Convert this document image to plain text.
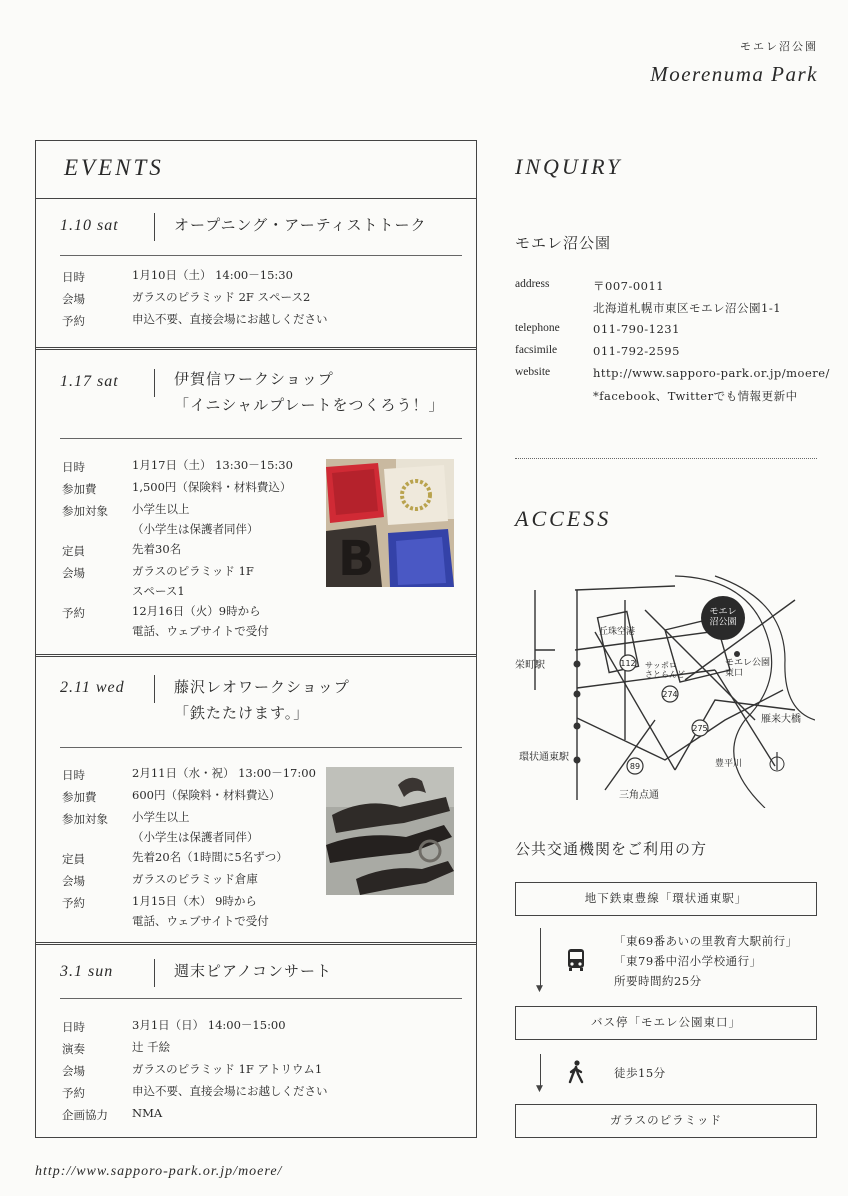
モエレ沼公園
Moerenuma Park
EVENTS
1.10 sat	オープニング・アーティストトーク
日時	1月10日（土） 14:00－15:30
会場	ガラスのピラミッド 2F スペース2
予約	申込不要、直接会場にお越しください
1.17 sat	伊賀信ワークショップ
「イニシャルプレートをつくろう！」
日時	1月17日（土） 13:30－15:30
参加費	1,500円（保険料・材料費込）
参加対象 小学生以上
（小学生は保護者同伴）
定員	先着30名
会場	ガラスのピラミッド 1F
スペース1
予約	12月16日（火）9時から
電話、ウェブサイトで受付
B
2.11 wed	藤沢レオワークショップ
「鉄たたけます。」
日時	2月11日（水・祝） 13:00－17:00
参加費	600円（保険料・材料費込）
参加対象 小学生以上
（小学生は保護者同伴）
定員	先着20名（1時間に5名ずつ）
会場	ガラスのピラミッド倉庫
予約	1月15日（木） 9時から
電話、ウェブサイトで受付
3.1 sun	週末ピアノコンサート
日時	3月1日（日） 14:00－15:00
演奏	辻 千絵
会場	ガラスのピラミッド 1F アトリウム1
予約	申込不要、直接会場にお越しください
企画協力 NMA
INQUIRY
モエレ沼公園
address	〒007-0011
北海道札幌市東区モエレ沼公園1-1
telephone	011-790-1231
facsimile	011-792-2595
website	http://www.sapporo-park.or.jp/moere/
*facebook、Twitterでも情報更新中
ACCESS
モエレ沼公園
112
274
275
89
丘珠空港
栄町駅	サッポロさとらんど
モエレ公園東口
雁来大橋
環状通東駅
豊平川
三角点通
公共交通機関をご利用の方
地下鉄東豊線「環状通東駅」
▼
「東69番あいの里教育大駅前行」
「東79番中沼小学校通行」
所要時間約25分
バス停「モエレ公園東口」
▼
徒歩15分
ガラスのピラミッド
http://www.sapporo-park.or.jp/moere/
